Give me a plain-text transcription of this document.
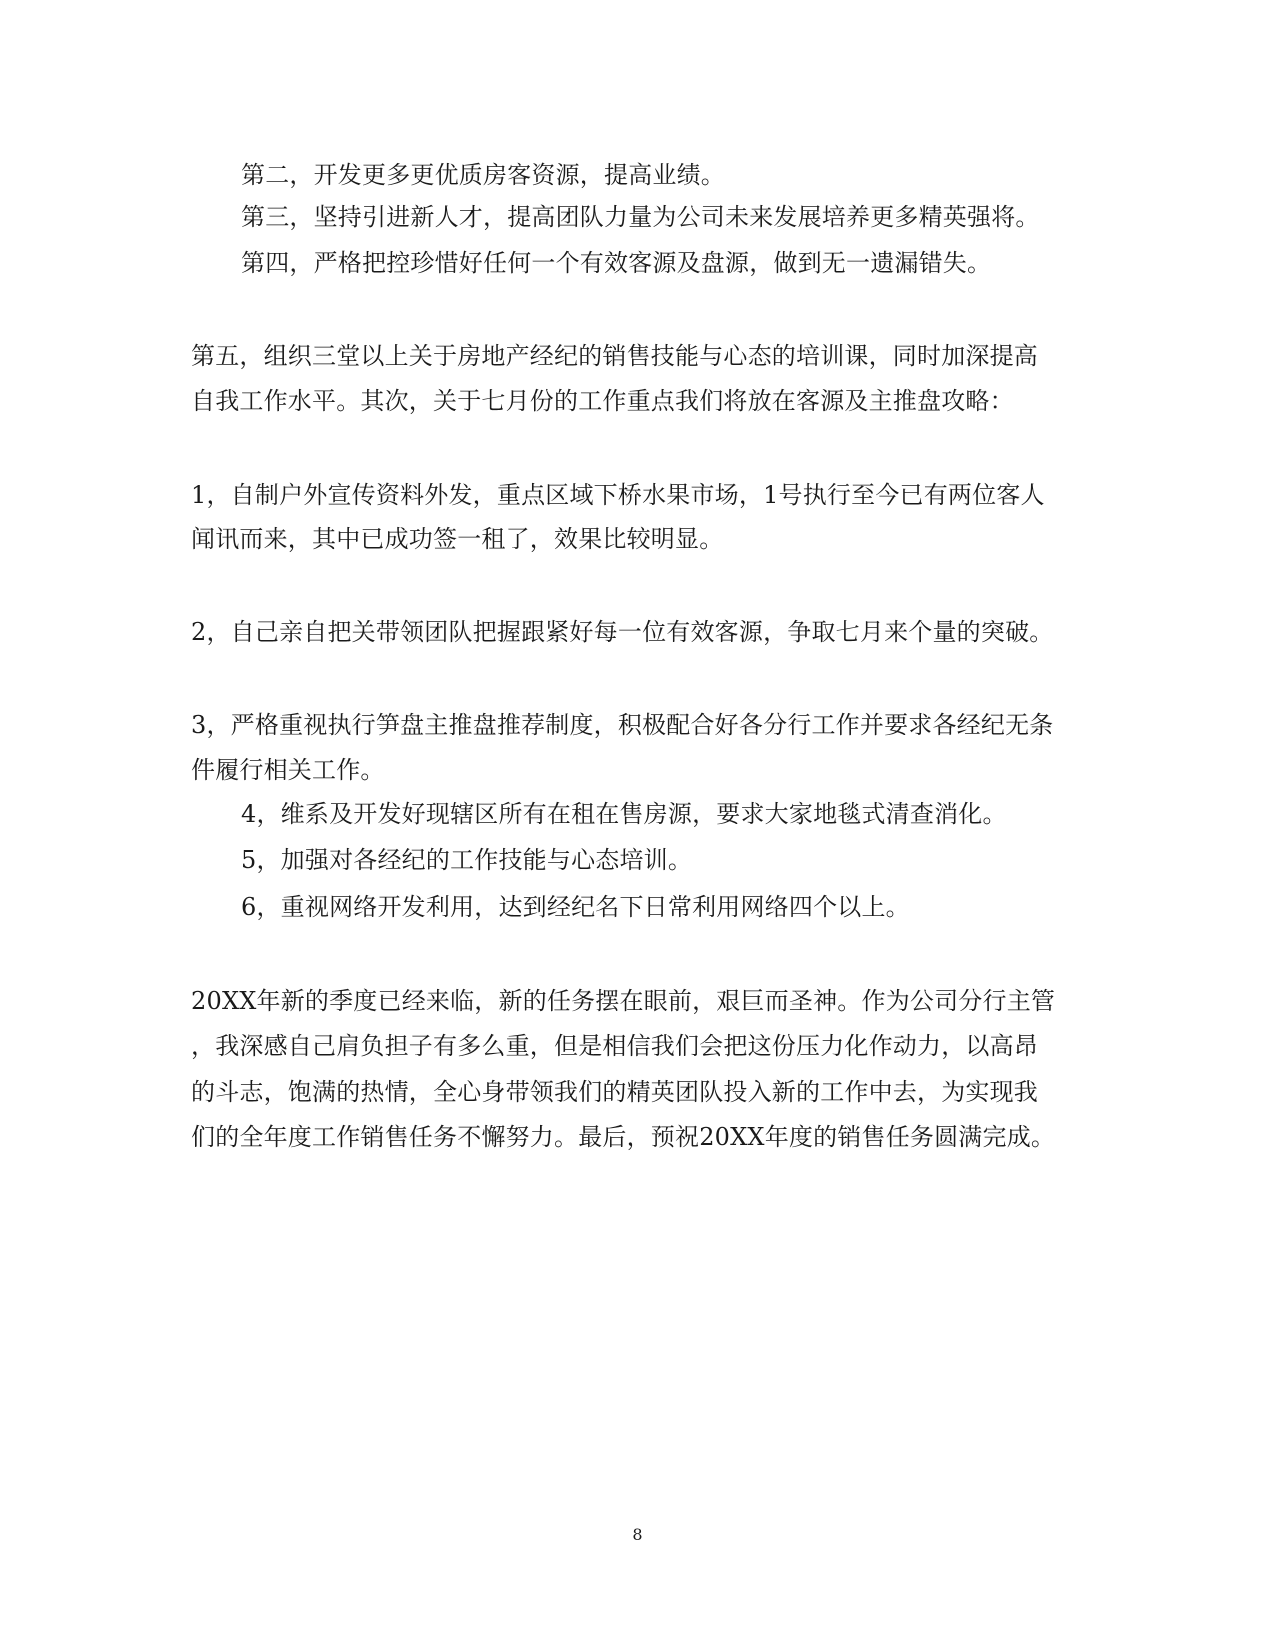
第二，开发更多更优质房客资源，提高业绩。
第三，坚持引进新人才，提高团队力量为公司未来发展培养更多精英强将。
第四，严格把控珍惜好任何一个有效客源及盘源，做到无一遗漏错失。
第五，组织三堂以上关于房地产经纪的销售技能与心态的培训课，同时加深提高
自我工作水平。其次，关于七月份的工作重点我们将放在客源及主推盘攻略：
1，自制户外宣传资料外发，重点区域下桥水果市场，1号执行至今已有两位客人
闻讯而来，其中已成功签一租了，效果比较明显。
2，自己亲自把关带领团队把握跟紧好每一位有效客源，争取七月来个量的突破。
3，严格重视执行笋盘主推盘推荐制度，积极配合好各分行工作并要求各经纪无条
件履行相关工作。
4，维系及开发好现辖区所有在租在售房源，要求大家地毯式清查消化。
5，加强对各经纪的工作技能与心态培训。
6，重视网络开发利用，达到经纪名下日常利用网络四个以上。
20XX年新的季度已经来临，新的任务摆在眼前，艰巨而圣神。作为公司分行主管
，我深感自己肩负担子有多么重，但是相信我们会把这份压力化作动力，以高昂
的斗志，饱满的热情，全心身带领我们的精英团队投入新的工作中去，为实现我
们的全年度工作销售任务不懈努力。最后，预祝20XX年度的销售任务圆满完成。
8
